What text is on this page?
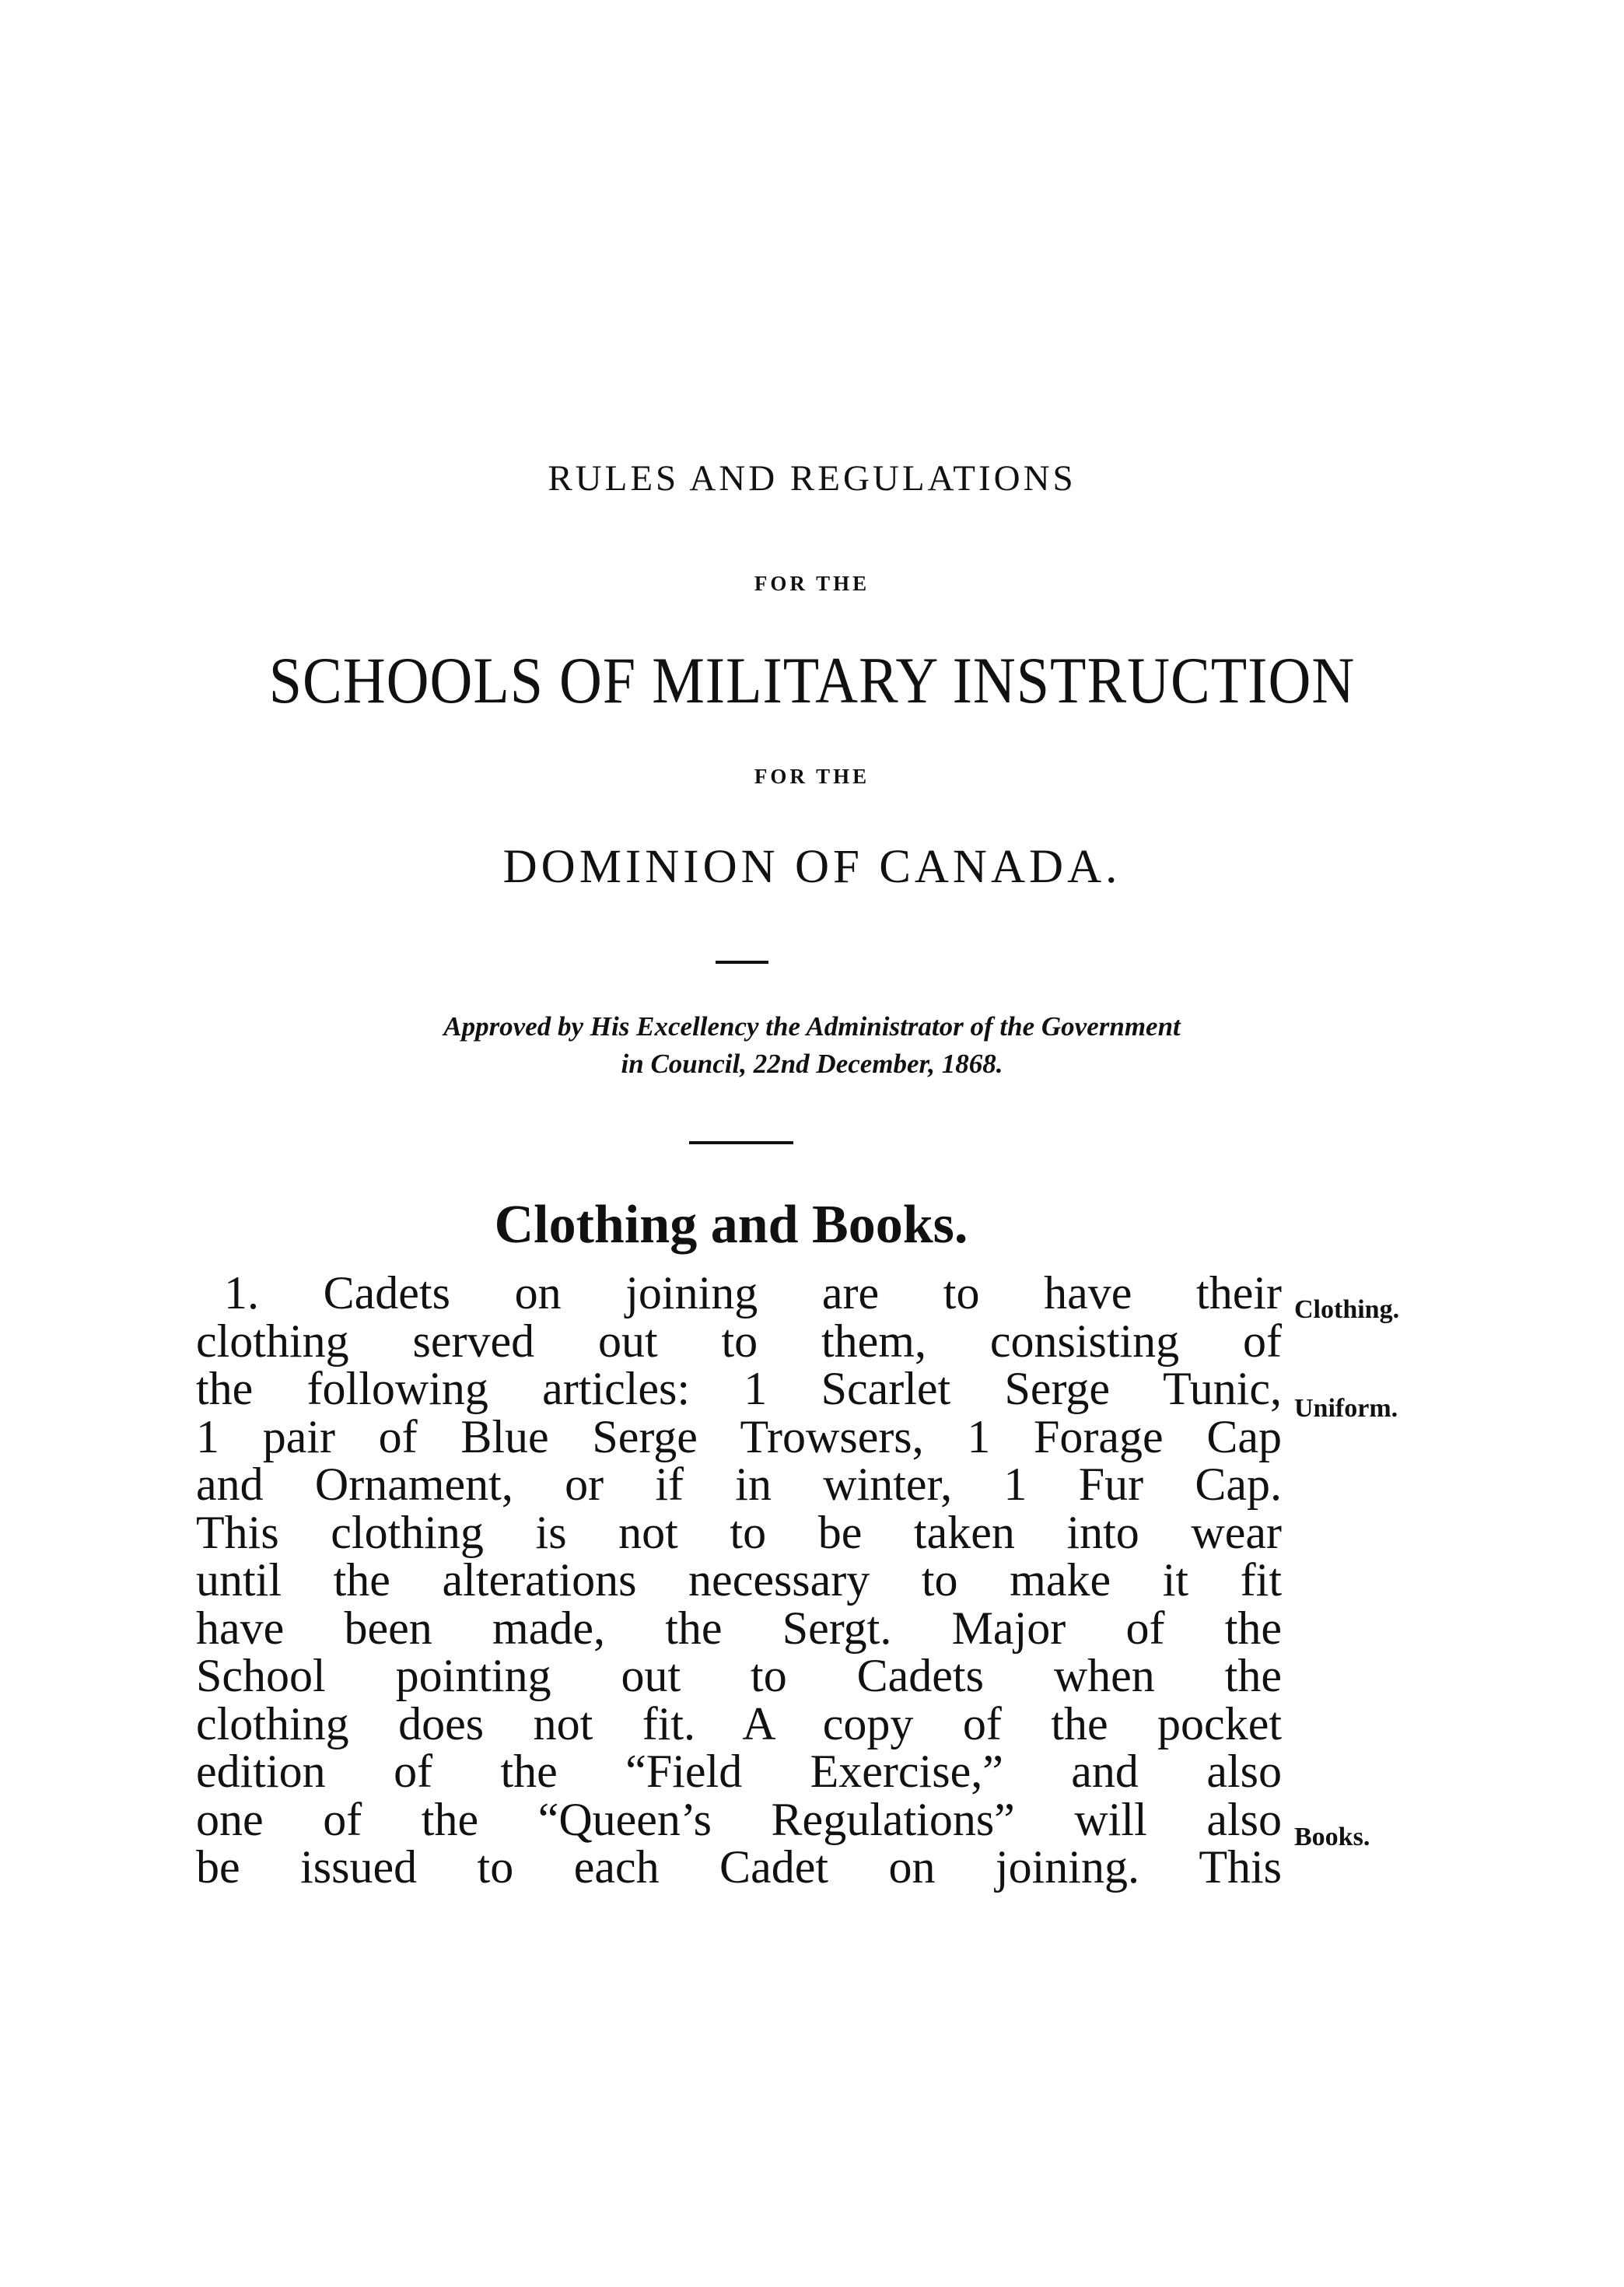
RULES AND REGULATIONS
FOR THE
SCHOOLS OF MILITARY INSTRUCTION
FOR THE
DOMINION OF CANADA.
Approved by His Excellency the Administrator of the Government
in Council, 22nd December, 1868.
Clothing and Books.
1. Cadets on joining are to have their
clothing served out to them, consisting of
the following articles: 1 Scarlet Serge Tunic,
1 pair of Blue Serge Trowsers, 1 Forage Cap
and Ornament, or if in winter, 1 Fur Cap.
This clothing is not to be taken into wear
until the alterations necessary to make it fit
have been made, the Sergt. Major of the
School pointing out to Cadets when the
clothing does not fit. A copy of the pocket
edition of the “Field Exercise,” and also
one of the “Queen’s Regulations” will also
be issued to each Cadet on joining. This
Clothing.
Uniform.
Books.
